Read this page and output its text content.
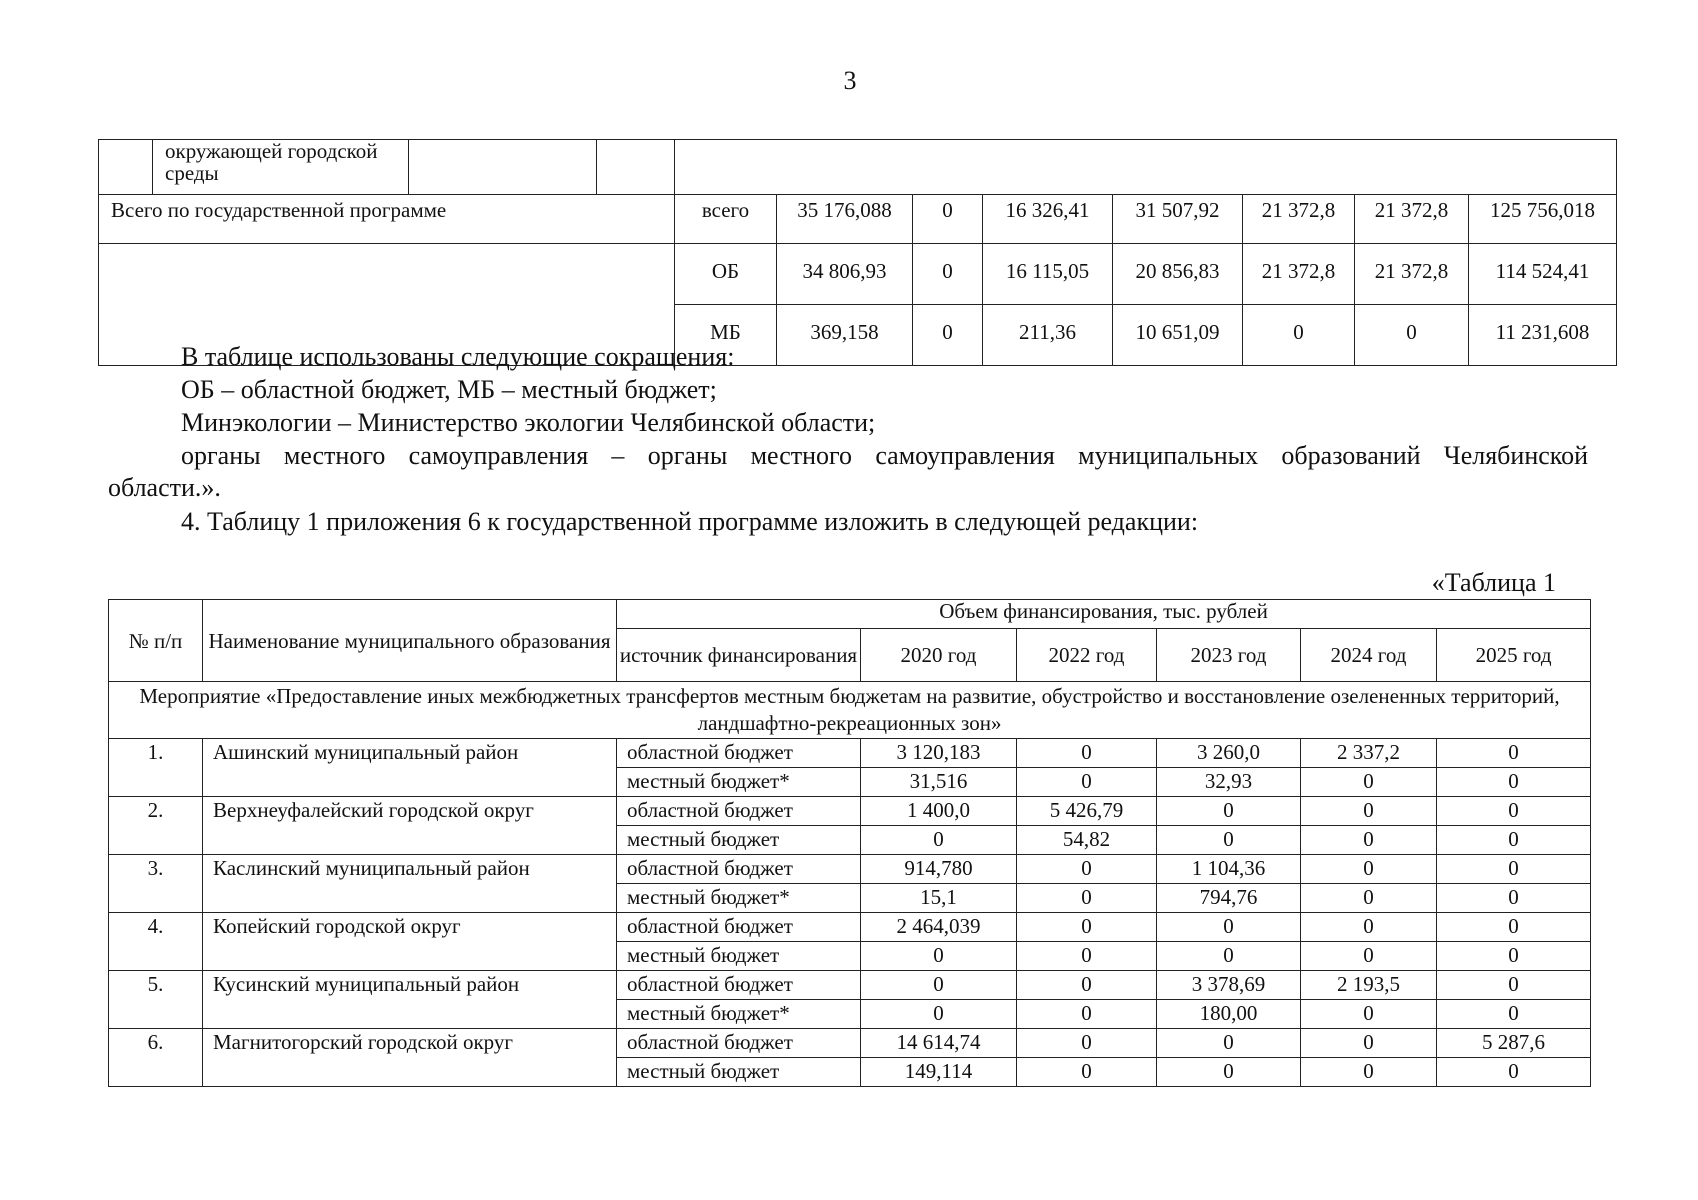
3
	окружающей городской среды										
Всего по государственной программе				всего	35 176,088	0	16 326,41	31 507,92	21 372,8	21 372,8	125 756,018
				ОБ	34 806,93	0	16 115,05	20 856,83	21 372,8	21 372,8	114 524,41
				МБ	369,158	0	211,36	10 651,09	0	0	11 231,608

В таблице использованы следующие сокращения:

ОБ – областной бюджет, МБ – местный бюджет;

Минэкологии – Министерство экологии Челябинской области;

органы местного самоуправления – органы местного самоуправления муниципальных образований Челябинской

области.».

4. Таблицу 1 приложения 6 к государственной программе изложить в следующей редакции:

«Таблица 1
№ п/п	Наименование муниципального образования	Объем финансирования, тыс. рублей					
		источник финансирования	2020 год	2022 год	2023 год	2024 год	2025 год
Мероприятие «Предоставление иных межбюджетных трансфертов местным бюджетам на развитие, обустройство и восстановление озелененных территорий, ландшафтно-рекреационных зон»							
1.	Ашинский муниципальный район	областной бюджет	3 120,183	0	3 260,0	2 337,2	0
		местный бюджет*	31,516	0	32,93	0	0
2.	Верхнеуфалейский городской округ	областной бюджет	1 400,0	5 426,79	0	0	0
		местный бюджет	0	54,82	0	0	0
3.	Каслинский муниципальный район	областной бюджет	914,780	0	1 104,36	0	0
		местный бюджет*	15,1	0	794,76	0	0
4.	Копейский городской округ	областной бюджет	2 464,039	0	0	0	0
		местный бюджет	0	0	0	0	0
5.	Кусинский муниципальный район	областной бюджет	0	0	3 378,69	2 193,5	0
		местный бюджет*	0	0	180,00	0	0
6.	Магнитогорский городской округ	областной бюджет	14 614,74	0	0	0	5 287,6
		местный бюджет	149,114	0	0	0	0
